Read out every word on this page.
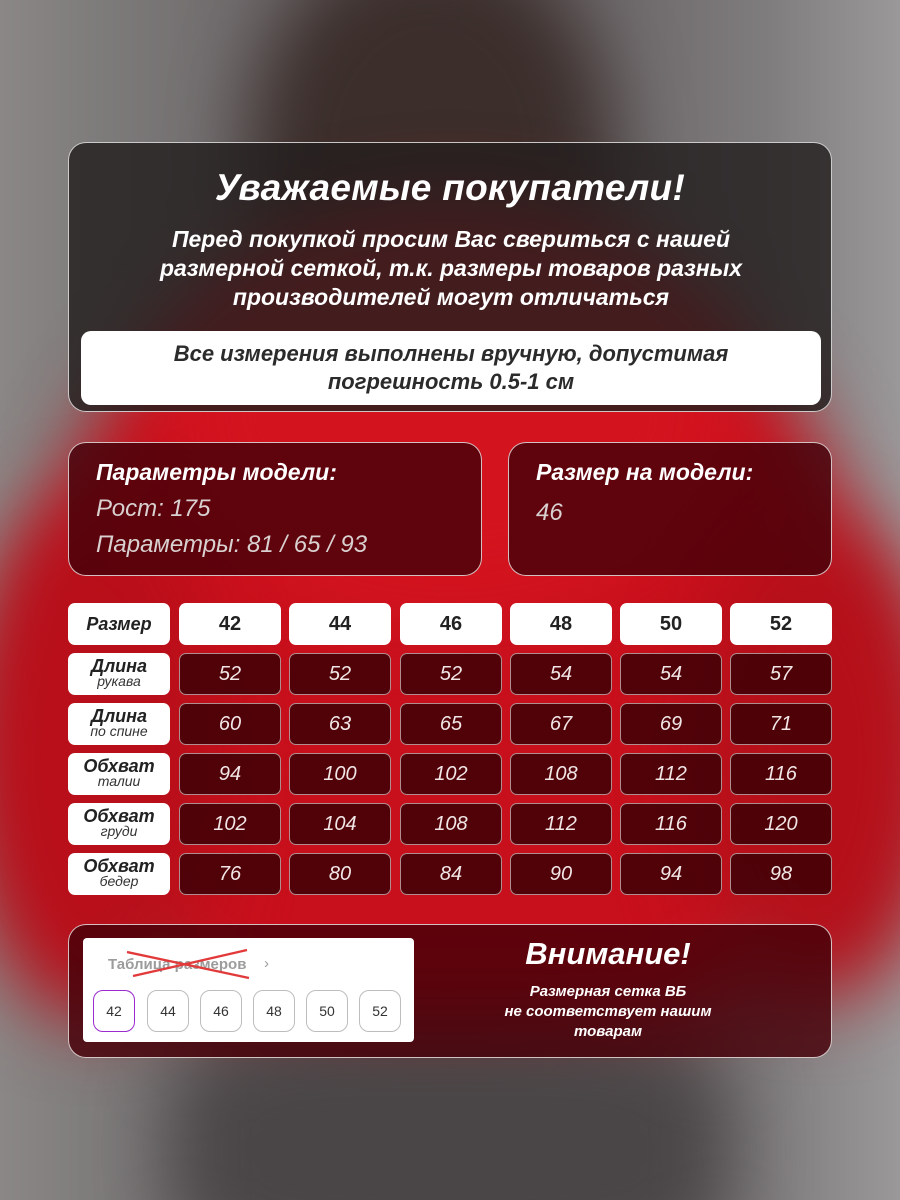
Уважаемые покупатели!
Перед покупкой просим Вас свериться с нашей
размерной сеткой, т.к. размеры товаров разных
производителей могут отличаться
Все измерения выполнены вручную, допустимая
погрешность 0.5-1 см
Параметры модели:
Рост: 175
Параметры: 81 / 65 / 93
Размер на модели:
46
Размер	42	44	46	48	50	52
Длина
рукава	52	52	52	54	54	57
Длина
по спине	60	63	65	67	69	71
Обхват
талии	94	100	102	108	112	116
Обхват
груди	102	104	108	112	116	120
Обхват
бедер	76	80	84	90	94	98
Таблица размеров ›
42	44	46	48	50	52
Внимание!
Размерная сетка ВБ
не соответствует нашим
товарам
